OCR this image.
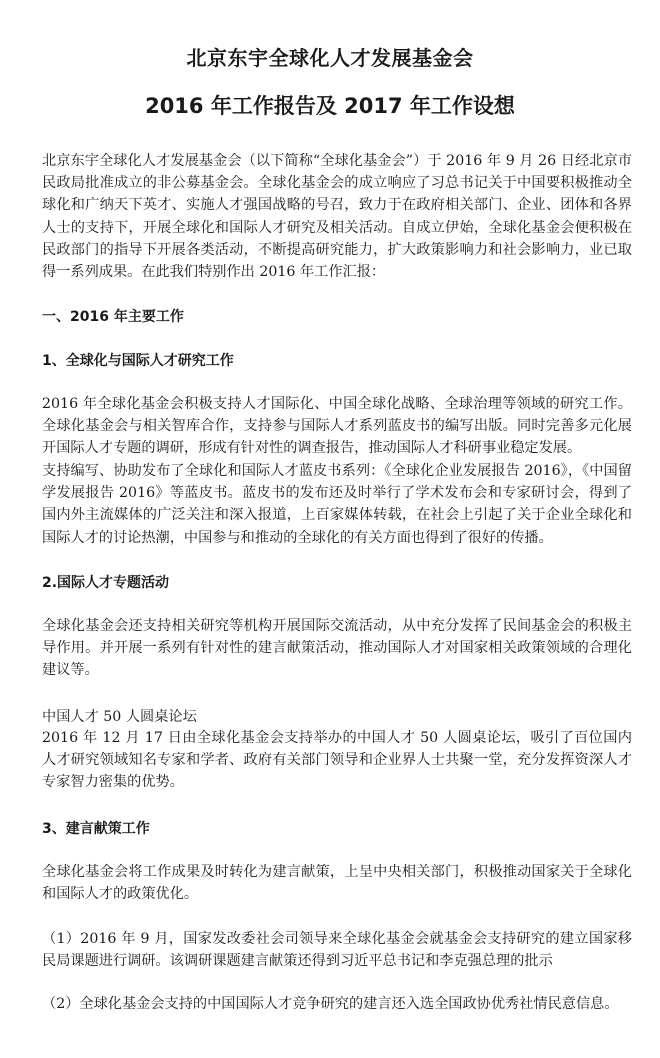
北京东宇全球化人才发展基金会
2016 年工作报告及 2017 年工作设想

北京东宇全球化人才发展基金会（以下简称“全球化基金会”）于 2016 年 9 月 26 日经北京市民政局批准成立的非公募基金会。全球化基金会的成立响应了习总书记关于中国要积极推动全球化和广纳天下英才、实施人才强国战略的号召，致力于在政府相关部门、企业、团体和各界人士的支持下，开展全球化和国际人才研究及相关活动。自成立伊始，全球化基金会便积极在民政部门的指导下开展各类活动，不断提高研究能力，扩大政策影响力和社会影响力，业已取得一系列成果。在此我们特别作出 2016 年工作汇报：

一、2016 年主要工作

1、全球化与国际人才研究工作

2016 年全球化基金会积极支持人才国际化、中国全球化战略、全球治理等领域的研究工作。全球化基金会与相关智库合作，支持参与国际人才系列蓝皮书的编写出版。同时完善多元化展开国际人才专题的调研，形成有针对性的调查报告，推动国际人才科研事业稳定发展。

支持编写、协助发布了全球化和国际人才蓝皮书系列：《全球化企业发展报告 2016》，《中国留学发展报告 2016》等蓝皮书。蓝皮书的发布还及时举行了学术发布会和专家研讨会，得到了国内外主流媒体的广泛关注和深入报道，上百家媒体转载，在社会上引起了关于企业全球化和国际人才的讨论热潮，中国参与和推动的全球化的有关方面也得到了很好的传播。

2.国际人才专题活动

全球化基金会还支持相关研究等机构开展国际交流活动，从中充分发挥了民间基金会的积极主导作用。并开展一系列有针对性的建言献策活动，推动国际人才对国家相关政策领域的合理化建议等。

中国人才 50 人圆桌论坛

2016 年 12 月 17 日由全球化基金会支持举办的中国人才 50 人圆桌论坛，吸引了百位国内人才研究领域知名专家和学者、政府有关部门领导和企业界人士共聚一堂，充分发挥资深人才专家智力密集的优势。

3、建言献策工作

全球化基金会将工作成果及时转化为建言献策，上呈中央相关部门，积极推动国家关于全球化和国际人才的政策优化。

（1）2016 年 9 月，国家发改委社会司领导来全球化基金会就基金会支持研究的建立国家移民局课题进行调研。该调研课题建言献策还得到习近平总书记和李克强总理的批示

（2）全球化基金会支持的中国国际人才竞争研究的建言还入选全国政协优秀社情民意信息。
